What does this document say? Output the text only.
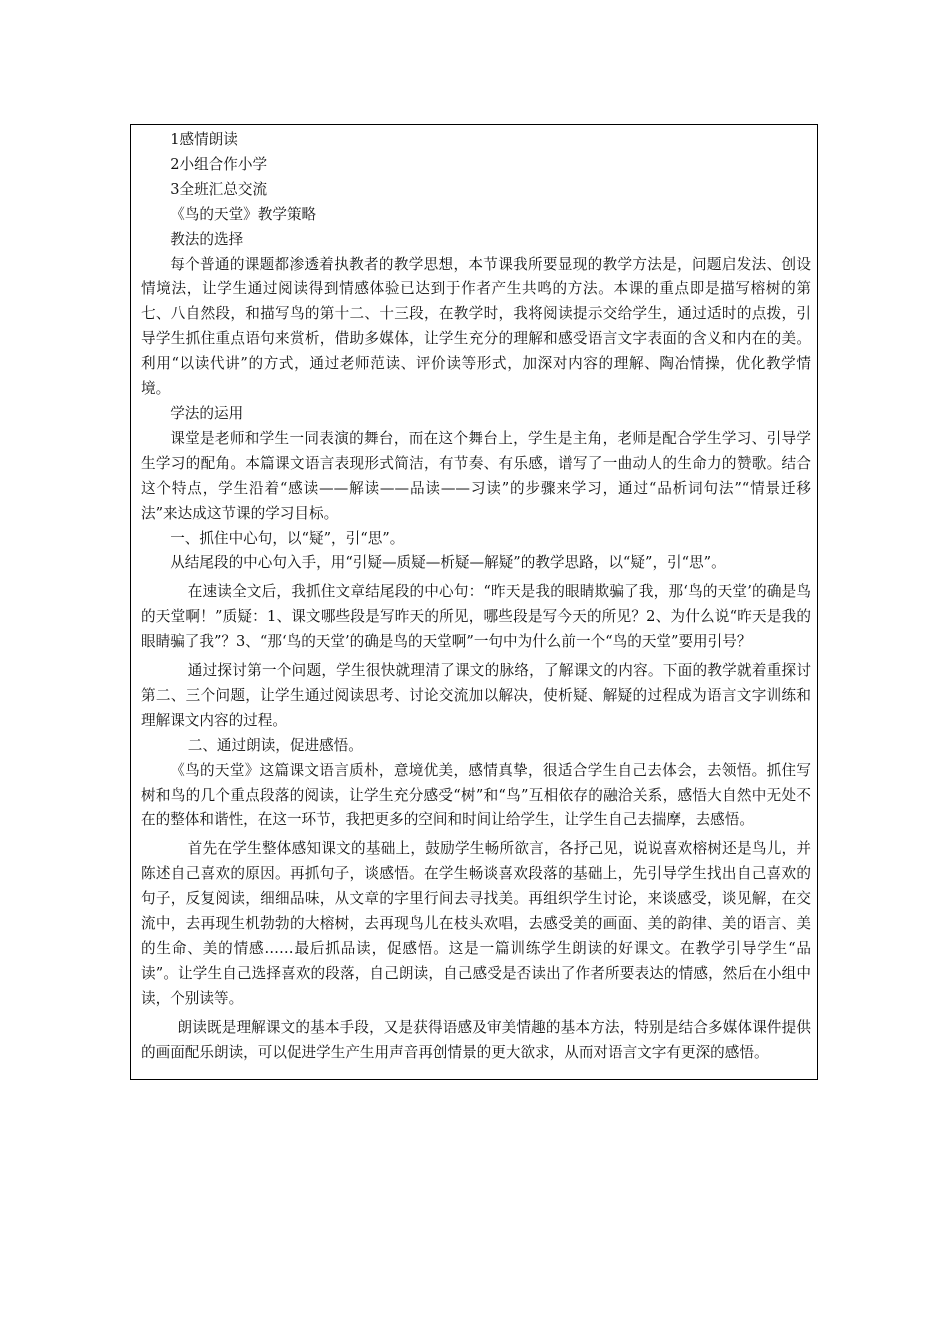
1感情朗读

2小组合作小学

3全班汇总交流

《鸟的天堂》教学策略

教法的选择

每个普通的课题都渗透着执教者的教学思想，本节课我所要显现的教学方法是，问题启发法、创设情境法，让学生通过阅读得到情感体验已达到于作者产生共鸣的方法。本课的重点即是描写榕树的第七、八自然段，和描写鸟的第十二、十三段，在教学时，我将阅读提示交给学生，通过适时的点拨，引导学生抓住重点语句来赏析，借助多媒体，让学生充分的理解和感受语言文字表面的含义和内在的美。利用“以读代讲”的方式，通过老师范读、评价读等形式，加深对内容的理解、陶冶情操，优化教学情境。

学法的运用

课堂是老师和学生一同表演的舞台，而在这个舞台上，学生是主角，老师是配合学生学习、引导学生学习的配角。本篇课文语言表现形式简洁，有节奏、有乐感，谱写了一曲动人的生命力的赞歌。结合这个特点，学生沿着“感读——解读——品读——习读”的步骤来学习，通过“品析词句法”“情景迁移法”来达成这节课的学习目标。

一、抓住中心句，以“疑”，引“思”。

从结尾段的中心句入手，用“引疑—质疑—析疑—解疑”的教学思路，以“疑”，引“思”。

在速读全文后，我抓住文章结尾段的中心句：“昨天是我的眼睛欺骗了我，那‘鸟的天堂’的确是鸟的天堂啊！”质疑：1、课文哪些段是写昨天的所见，哪些段是写今天的所见？2、为什么说“昨天是我的眼睛骗了我”？3、“那‘鸟的天堂’的确是鸟的天堂啊”一句中为什么前一个“鸟的天堂”要用引号？

通过探讨第一个问题，学生很快就理清了课文的脉络，了解课文的内容。下面的教学就着重探讨第二、三个问题，让学生通过阅读思考、讨论交流加以解决，使析疑、解疑的过程成为语言文字训练和理解课文内容的过程。

二、通过朗读，促进感悟。

《鸟的天堂》这篇课文语言质朴，意境优美，感情真挚，很适合学生自己去体会，去领悟。抓住写树和鸟的几个重点段落的阅读，让学生充分感受“树”和“鸟”互相依存的融洽关系，感悟大自然中无处不在的整体和谐性，在这一环节，我把更多的空间和时间让给学生，让学生自己去揣摩，去感悟。

首先在学生整体感知课文的基础上，鼓励学生畅所欲言，各抒己见，说说喜欢榕树还是鸟儿，并陈述自己喜欢的原因。再抓句子，谈感悟。在学生畅谈喜欢段落的基础上，先引导学生找出自己喜欢的句子，反复阅读，细细品味，从文章的字里行间去寻找美。再组织学生讨论，来谈感受，谈见解，在交流中，去再现生机勃勃的大榕树，去再现鸟儿在枝头欢唱，去感受美的画面、美的韵律、美的语言、美的生命、美的情感……最后抓品读，促感悟。这是一篇训练学生朗读的好课文。在教学引导学生“品读”。让学生自己选择喜欢的段落，自己朗读，自己感受是否读出了作者所要表达的情感，然后在小组中读，个别读等。

朗读既是理解课文的基本手段，又是获得语感及审美情趣的基本方法，特别是结合多媒体课件提供的画面配乐朗读，可以促进学生产生用声音再创情景的更大欲求，从而对语言文字有更深的感悟。
